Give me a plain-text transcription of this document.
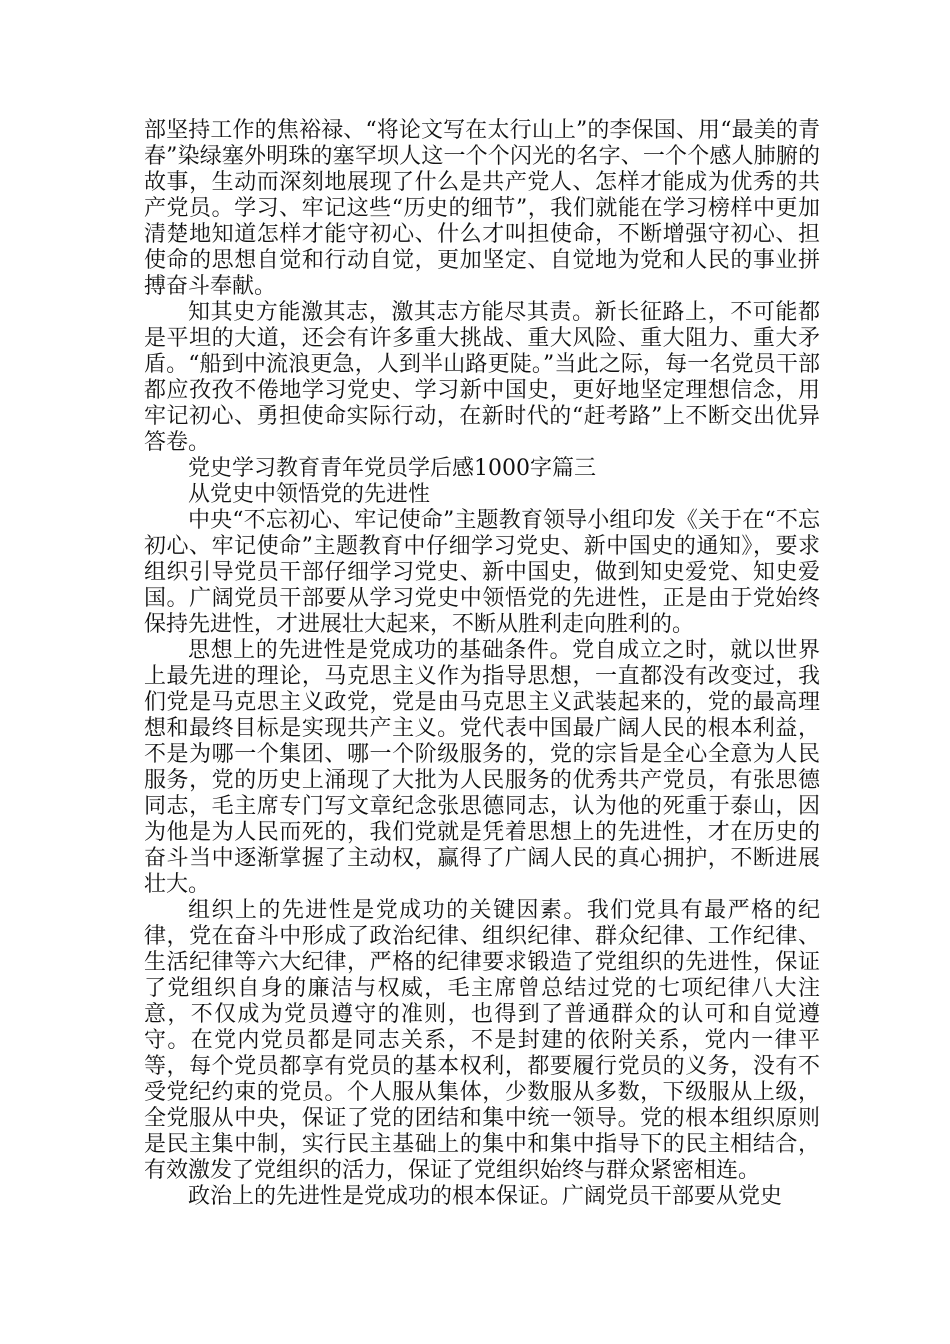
部坚持工作的焦裕禄、“将论文写在太行山上”的李保国、用“最美的青春”染绿塞外明珠的塞罕坝人这一个个闪光的名字、一个个感人肺腑的故事，生动而深刻地展现了什么是共产党人、怎样才能成为优秀的共产党员。学习、牢记这些“历史的细节”，我们就能在学习榜样中更加清楚地知道怎样才能守初心、什么才叫担使命，不断增强守初心、担使命的思想自觉和行动自觉，更加坚定、自觉地为党和人民的事业拼搏奋斗奉献。

知其史方能激其志，激其志方能尽其责。新长征路上，不可能都是平坦的大道，还会有许多重大挑战、重大风险、重大阻力、重大矛盾。“船到中流浪更急，人到半山路更陡。”当此之际，每一名党员干部都应孜孜不倦地学习党史、学习新中国史，更好地坚定理想信念，用牢记初心、勇担使命实际行动，在新时代的“赶考路”上不断交出优异答卷。

党史学习教育青年党员学后感1000字篇三

从党史中领悟党的先进性

中央“不忘初心、牢记使命”主题教育领导小组印发《关于在“不忘初心、牢记使命”主题教育中仔细学习党史、新中国史的通知》，要求组织引导党员干部仔细学习党史、新中国史，做到知史爱党、知史爱国。广阔党员干部要从学习党史中领悟党的先进性，正是由于党始终保持先进性，才进展壮大起来，不断从胜利走向胜利的。

思想上的先进性是党成功的基础条件。党自成立之时，就以世界上最先进的理论，马克思主义作为指导思想，一直都没有改变过，我们党是马克思主义政党，党是由马克思主义武装起来的，党的最高理想和最终目标是实现共产主义。党代表中国最广阔人民的根本利益，不是为哪一个集团、哪一个阶级服务的，党的宗旨是全心全意为人民服务，党的历史上涌现了大批为人民服务的优秀共产党员，有张思德同志，毛主席专门写文章纪念张思德同志，认为他的死重于泰山，因为他是为人民而死的，我们党就是凭着思想上的先进性，才在历史的奋斗当中逐渐掌握了主动权，赢得了广阔人民的真心拥护，不断进展壮大。

组织上的先进性是党成功的关键因素。我们党具有最严格的纪律，党在奋斗中形成了政治纪律、组织纪律、群众纪律、工作纪律、生活纪律等六大纪律，严格的纪律要求锻造了党组织的先进性，保证了党组织自身的廉洁与权威，毛主席曾总结过党的七项纪律八大注意，不仅成为党员遵守的准则，也得到了普通群众的认可和自觉遵守。在党内党员都是同志关系，不是封建的依附关系，党内一律平等，每个党员都享有党员的基本权利，都要履行党员的义务，没有不受党纪约束的党员。个人服从集体，少数服从多数，下级服从上级，全党服从中央，保证了党的团结和集中统一领导。党的根本组织原则是民主集中制，实行民主基础上的集中和集中指导下的民主相结合，有效激发了党组织的活力，保证了党组织始终与群众紧密相连。

政治上的先进性是党成功的根本保证。广阔党员干部要从党史
